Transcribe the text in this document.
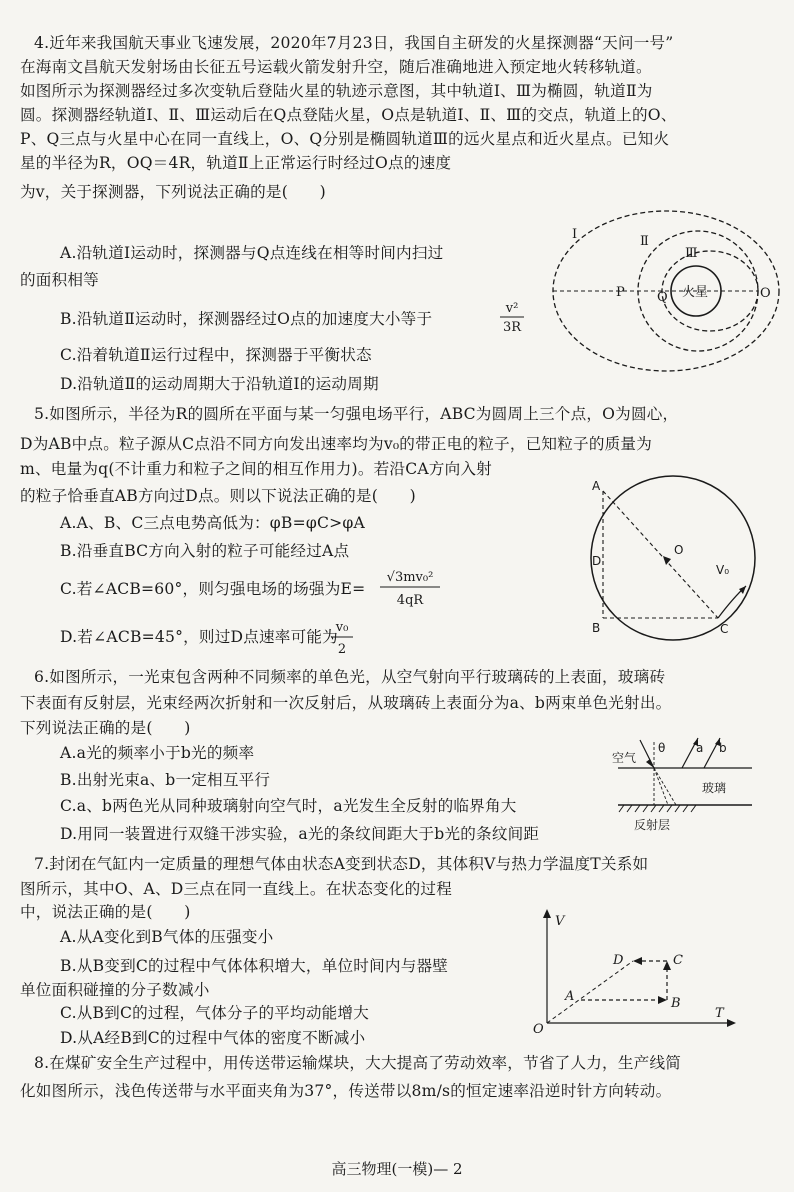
4.近年来我国航天事业飞速发展，2020年7月23日，我国自主研发的火星探测器“天问一号”
在海南文昌航天发射场由长征五号运载火箭发射升空，随后准确地进入预定地火转移轨道。
如图所示为探测器经过多次变轨后登陆火星的轨迹示意图，其中轨道Ⅰ、Ⅲ为椭圆，轨道Ⅱ为
圆。探测器经轨道Ⅰ、Ⅱ、Ⅲ运动后在Q点登陆火星，O点是轨道Ⅰ、Ⅱ、Ⅲ的交点，轨道上的O、
P、Q三点与火星中心在同一直线上，O、Q分别是椭圆轨道Ⅲ的远火星点和近火星点。已知火
星的半径为R，OQ＝4R，轨道Ⅱ上正常运行时经过O点的速度
为v，关于探测器，下列说法正确的是(　　)
A.沿轨道Ⅰ运动时，探测器与Q点连线在相等时间内扫过
的面积相等
B.沿轨道Ⅱ运动时，探测器经过O点的加速度大小等于
v²
3R
C.沿着轨道Ⅱ运行过程中，探测器于平衡状态
D.沿轨道Ⅱ的运动周期大于沿轨道Ⅰ的运动周期
Ⅰ	Ⅱ
Ⅲ
P Q	O
火星
5.如图所示，半径为R的圆所在平面与某一匀强电场平行，ABC为圆周上三个点，O为圆心，
D为AB中点。粒子源从C点沿不同方向发出速率均为v₀的带正电的粒子，已知粒子的质量为
m、电量为q(不计重力和粒子之间的相互作用力)。若沿CA方向入射
的粒子恰垂直AB方向过D点。则以下说法正确的是(　　)
A.A、B、C三点电势高低为：φB=φC>φA
B.沿垂直BC方向入射的粒子可能经过A点
C.若∠ACB=60°，则匀强电场的场强为E=
√3mv₀²
4qR
D.若∠ACB=45°，则过D点速率可能为
v₀
2
A
D
B	C
O
V₀
6.如图所示，一光束包含两种不同频率的单色光，从空气射向平行玻璃砖的上表面，玻璃砖
下表面有反射层，光束经两次折射和一次反射后，从玻璃砖上表面分为a、b两束单色光射出。
下列说法正确的是(　　)
A.a光的频率小于b光的频率
B.出射光束a、b一定相互平行
C.a、b两色光从同种玻璃射向空气时，a光发生全反射的临界角大
D.用同一装置进行双缝干涉实验，a光的条纹间距大于b光的条纹间距
空气
θ	a b
玻璃
反射层
7.封闭在气缸内一定质量的理想气体由状态A变到状态D，其体积V与热力学温度T关系如
图所示，其中O、A、D三点在同一直线上。在状态变化的过程
中，说法正确的是(　　)
A.从A变化到B气体的压强变小
B.从B变到C的过程中气体体积增大，单位时间内与器壁
单位面积碰撞的分子数减小
C.从B到C的过程，气体分子的平均动能增大
D.从A经B到C的过程中气体的密度不断减小
V
T
O
A	B
C
D
8.在煤矿安全生产过程中，用传送带运输煤块，大大提高了劳动效率，节省了人力，生产线简
化如图所示，浅色传送带与水平面夹角为37°，传送带以8m/s的恒定速率沿逆时针方向转动。
高三物理(一模)— 2
